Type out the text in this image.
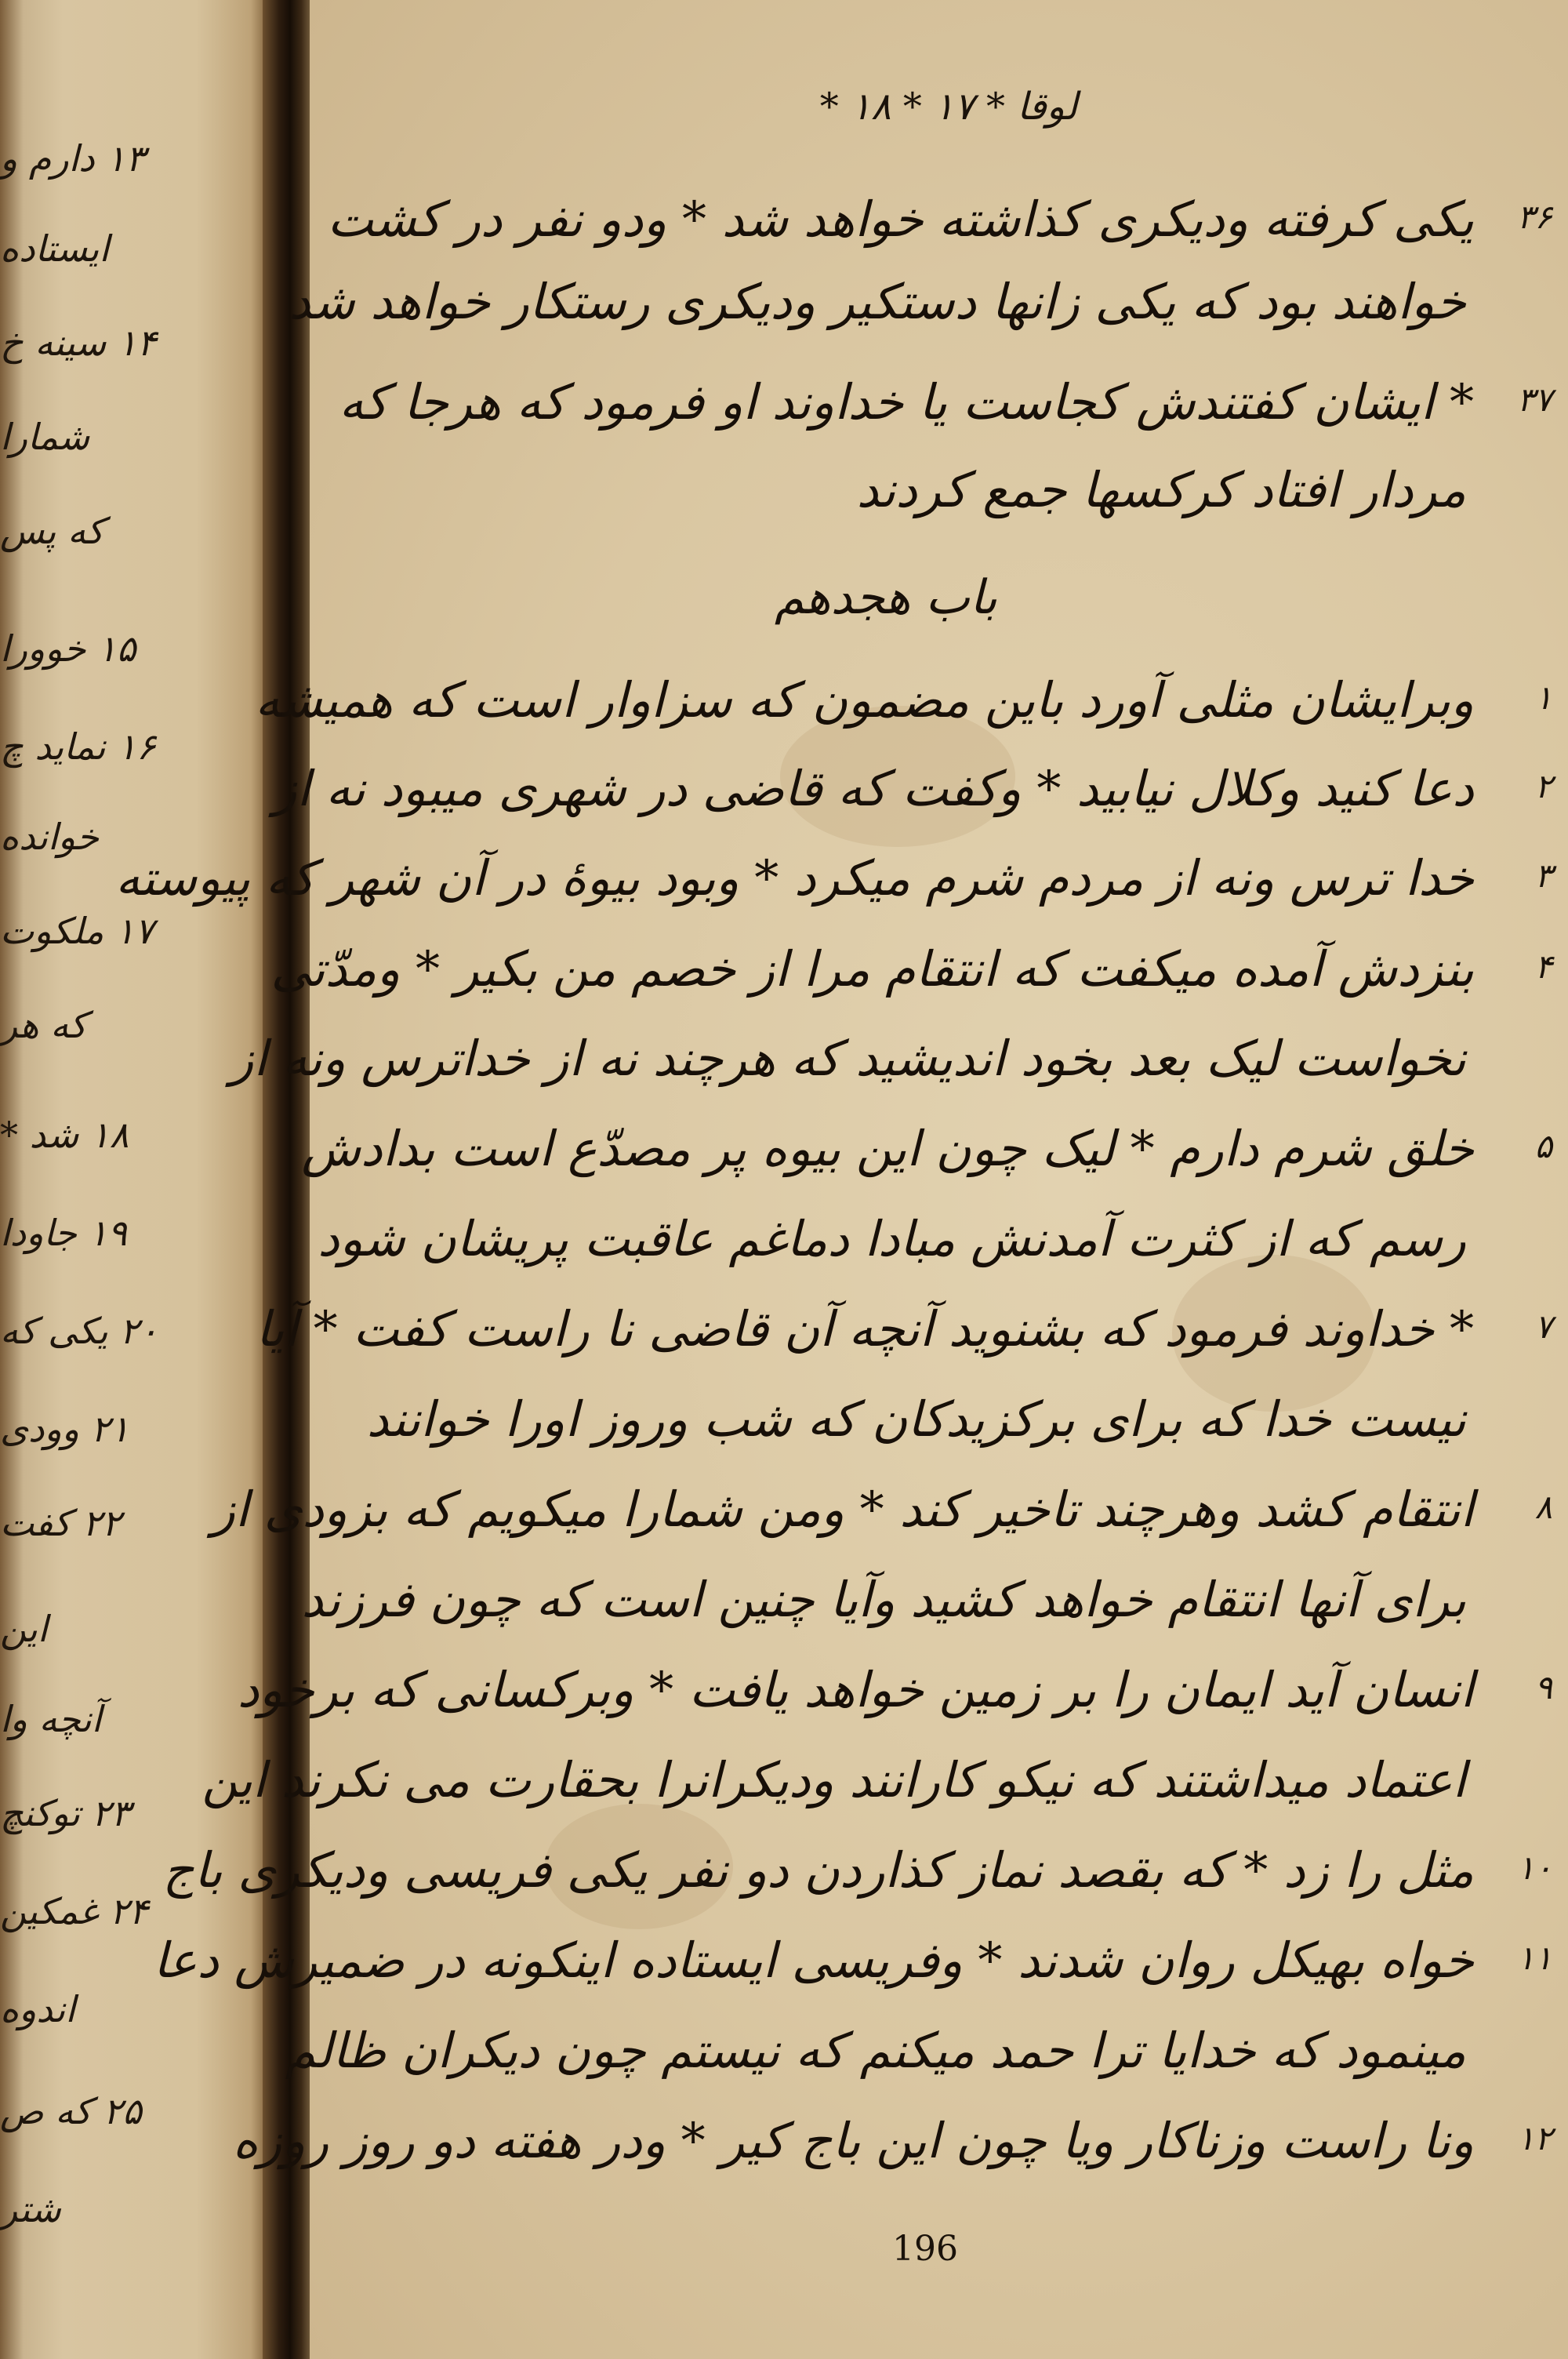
۱۳ دارم و
ایستاده
۱۴ سینه خ
شمارا
که پس
۱۵ خوورا
۱۶ نماید چ
خوانده
۱۷ ملکوت
که هر
۱۸ شد *
۱۹ جاودا
۲۰ یکی که
۲۱ وودی
۲۲ کفت
این
آنچه وا
۲۳ توکنچ
۲۴ غمکین
اندوه
۲۵ که ص
شتر
لوقا * ۱۷ * ۱۸ *
۳۶
یکی کرفته ودیکری کذاشته خواهد شد * ودو نفر در کشت
خواهند بود که یکی زانها دستکیر ودیکری رستکار خواهد شد
۳۷
* ایشان کفتندش کجاست یا خداوند او فرمود که هرجا که
مردار افتاد کرکسها جمع کردند
باب هجدهم
۱
وبرایشان مثلی آورد باین مضمون که سزاوار است که همیشه
۲
دعا کنید وکلال نیابید * وکفت که قاضی در شهری میبود نه از
۳
خدا ترس ونه از مردم شرم میکرد * وبود بیوهٔ در آن شهر که پیوسته
۴
بنزدش آمده میکفت که انتقام مرا از خصم من بکیر * ومدّتی
نخواست لیک بعد بخود اندیشید که هرچند نه از خداترس ونه از
۵
خلق شرم دارم * لیک چون این بیوه پر مصدّع است بدادش
رسم که از کثرت آمدنش مبادا دماغم عاقبت پریشان شود
۷
* خداوند فرمود که بشنوید آنچه آن قاضی نا راست کفت * آیا
نیست خدا که برای برکزیدکان که شب وروز اورا خوانند
۸
انتقام کشد وهرچند تاخیر کند * ومن شمارا میکویم که بزودی از
برای آنها انتقام خواهد کشید وآیا چنین است که چون فرزند
۹
انسان آید ایمان را بر زمین خواهد یافت * وبرکسانی که برخود
اعتماد میداشتند که نیکو کارانند ودیکرانرا بحقارت می نکرند این
۱۰
مثل را زد * که بقصد نماز کذاردن دو نفر یکی فریسی ودیکری باج
۱۱
خواه بهیکل روان شدند * وفریسی ایستاده اینکونه در ضمیرش دعا
مینمود که خدایا ترا حمد میکنم که نیستم چون دیکران ظالم
۱۲
ونا راست وزناکار ویا چون این باج کیر * ودر هفته دو روز روزه
196
